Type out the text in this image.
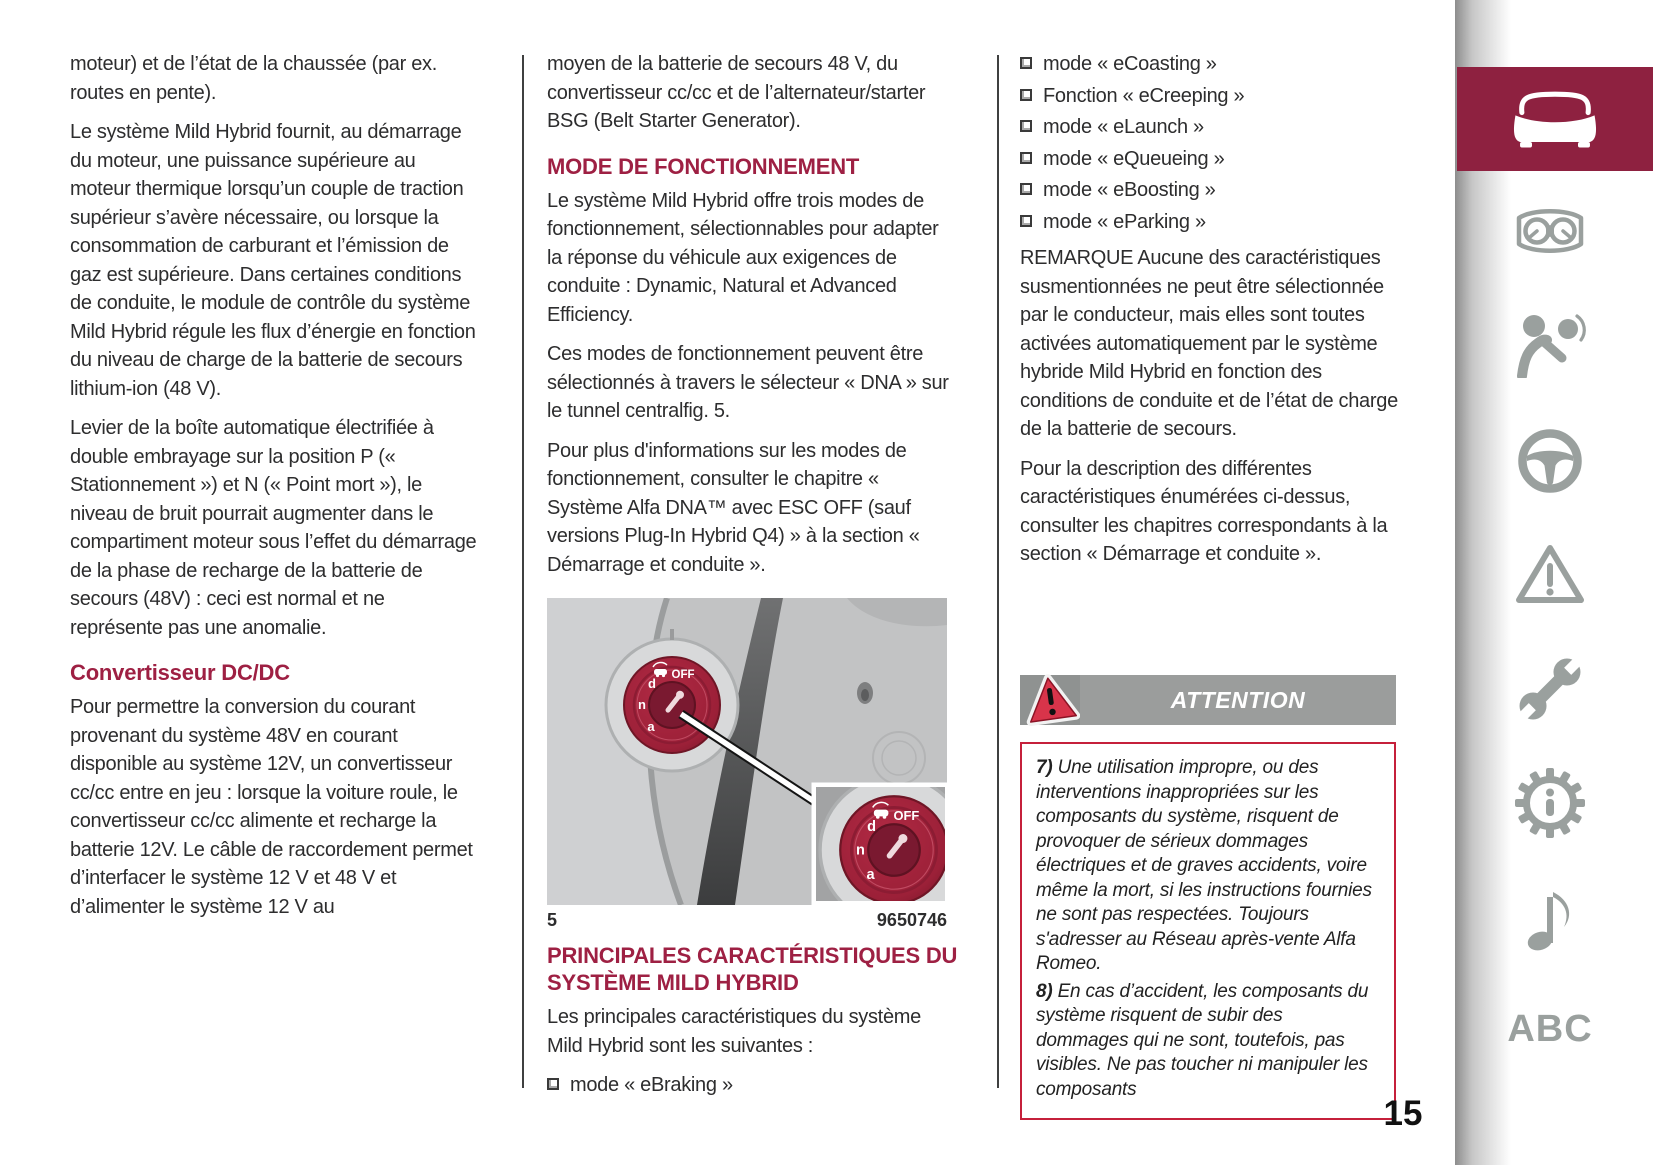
moteur) et de l’état de la chaussée (par ex. routes en pente).

Le système Mild Hybrid fournit, au démarrage du moteur, une puissance supérieure au moteur thermique lorsqu’un couple de traction supérieur s’avère nécessaire, ou lorsque la consommation de carburant et l’émission de gaz est supérieure. Dans certaines conditions de conduite, le module de contrôle du système Mild Hybrid régule les flux d’énergie en fonction du niveau de charge de la batterie de secours lithium-ion (48 V).

Levier de la boîte automatique électrifiée à double embrayage sur la position P (« Stationnement ») et N (« Point mort »), le niveau de bruit pourrait augmenter dans le compartiment moteur sous l’effet du démarrage de la phase de recharge de la batterie de secours (48V) : ceci est normal et ne représente pas une anomalie.

Convertisseur DC/DC

Pour permettre la conversion du courant provenant du système 48V en courant disponible au système 12V, un convertisseur cc/cc entre en jeu : lorsque la voiture roule, le convertisseur cc/cc alimente et recharge la batterie 12V. Le câble de raccordement permet d’interfacer le système 12 V et 48 V et d’alimenter le système 12 V au

moyen de la batterie de secours 48 V, du convertisseur cc/cc et de l’alternateur/starter BSG (Belt Starter Generator).

MODE DE FONCTIONNEMENT

Le système Mild Hybrid offre trois modes de fonctionnement, sélectionnables pour adapter la réponse du véhicule aux exigences de conduite : Dynamic, Natural et Advanced Efficiency.

Ces modes de fonctionnement peuvent être sélectionnés à travers le sélecteur « DNA » sur le tunnel centralfig. 5.

Pour plus d'informations sur les modes de fonctionnement, consulter le chapitre « Système Alfa DNA™ avec ESC OFF (sauf versions Plug-In Hybrid Q4) » à la section « Démarrage et conduite ».

5	9650746
PRINCIPALES CARACTÉRISTIQUES DU SYSTÈME MILD HYBRID

Les principales caractéristiques du système Mild Hybrid sont les suivantes :

mode « eBraking »
mode « eCoasting »
Fonction « eCreeping »
mode « eLaunch »
mode « eQueueing »
mode « eBoosting »
mode « eParking »

REMARQUE Aucune des caractéristiques susmentionnées ne peut être sélectionnée par le conducteur, mais elles sont toutes activées automatiquement par le système hybride Mild Hybrid en fonction des conditions de conduite et de l’état de charge de la batterie de secours.

Pour la description des différentes caractéristiques énumérées ci-dessus, consulter les chapitres correspondants à la section « Démarrage et conduite ».

ATTENTION

7) Une utilisation impropre, ou des interventions inappropriées sur les composants du système, risquent de provoquer de sérieux dommages électriques et de graves accidents, voire même la mort, si les instructions fournies ne sont pas respectées. Toujours s'adresser au Réseau après-vente Alfa Romeo.

8) En cas d’accident, les composants du système risquent de subir des dommages qui ne sont, toutefois, pas visibles. Ne pas toucher ni manipuler les composants

ABC
15
